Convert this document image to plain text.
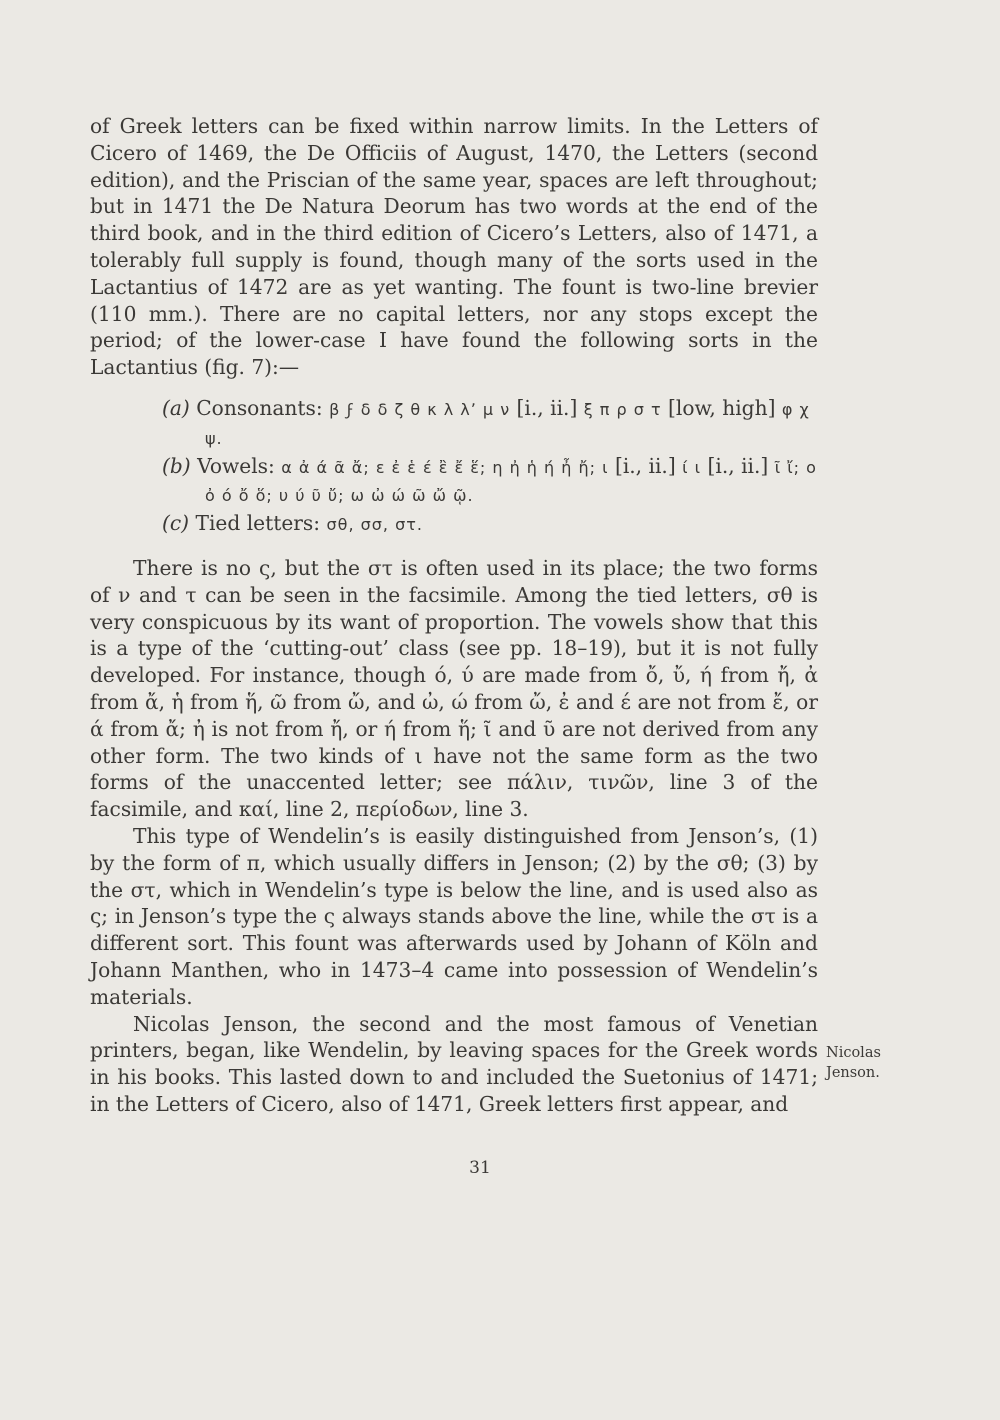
of Greek letters can be fixed within narrow limits. In the Letters of Cicero of 1469, the De Officiis of August, 1470, the Letters (second edition), and the Priscian of the same year, spaces are left throughout; but in 1471 the De Natura Deorum has two words at the end of the third book, and in the third edition of Cicero’s Letters, also of 1471, a tolerably full supply is found, though many of the sorts used in the Lactantius of 1472 are as yet wanting. The fount is two-line brevier (110 mm.). There are no capital letters, nor any stops except the period; of the lower-case I have found the following sorts in the Lactantius (fig. 7):—

(a) Consonants: β ϝ δ δ ζ θ κ λ λʼ μ ν [i., ii.] ξ π ρ σ τ [low, high] φ χ ψ.

(b) Vowels: α ἀ ά ᾶ ἄ; ε ἐ ἑ έ ἒ ἔ ἕ; η ἠ ἡ ή ἦ ἤ; ι [i., ii.] ί ι [i., ii.] ῖ ἴ; ο ὀ ό ὄ ὅ; υ ύ ῦ ὔ; ω ὠ ώ ῶ ὤ ῷ.

(c) Tied letters: σθ, σσ, στ.

There is no ς, but the στ is often used in its place; the two forms of ν and τ can be seen in the facsimile. Among the tied letters, σθ is very conspicuous by its want of proportion. The vowels show that this is a type of the ‘cutting-out’ class (see pp. 18–19), but it is not fully developed. For instance, though ό, ύ are made from ὄ, ὔ, ή from ἤ, ἀ from ἄ, ἡ from ἥ, ῶ from ὤ, and ὠ, ώ from ὤ, ἐ and έ are not from ἔ, or ά from ἄ; ἠ is not from ἤ, or ή from ἥ; ῖ and ῦ are not derived from any other form. The two kinds of ι have not the same form as the two forms of the unaccented letter; see πάλιν, τινῶν, line 3 of the facsimile, and καί, line 2, περίοδων, line 3.

This type of Wendelin’s is easily distinguished from Jenson’s, (1) by the form of π, which usually differs in Jenson; (2) by the σθ; (3) by the στ, which in Wendelin’s type is below the line, and is used also as ς; in Jenson’s type the ς always stands above the line, while the στ is a different sort. This fount was afterwards used by Johann of Köln and Johann Manthen, who in 1473–4 came into possession of Wendelin’s materials.

Nicolas Jenson, the second and the most famous of Venetian printers, began, like Wendelin, by leaving spaces for the Greek words in his books. This lasted down to and included the Suetonius of 1471; in the Letters of Cicero, also of 1471, Greek letters first appear, and

Nicolas
Jenson.
31
